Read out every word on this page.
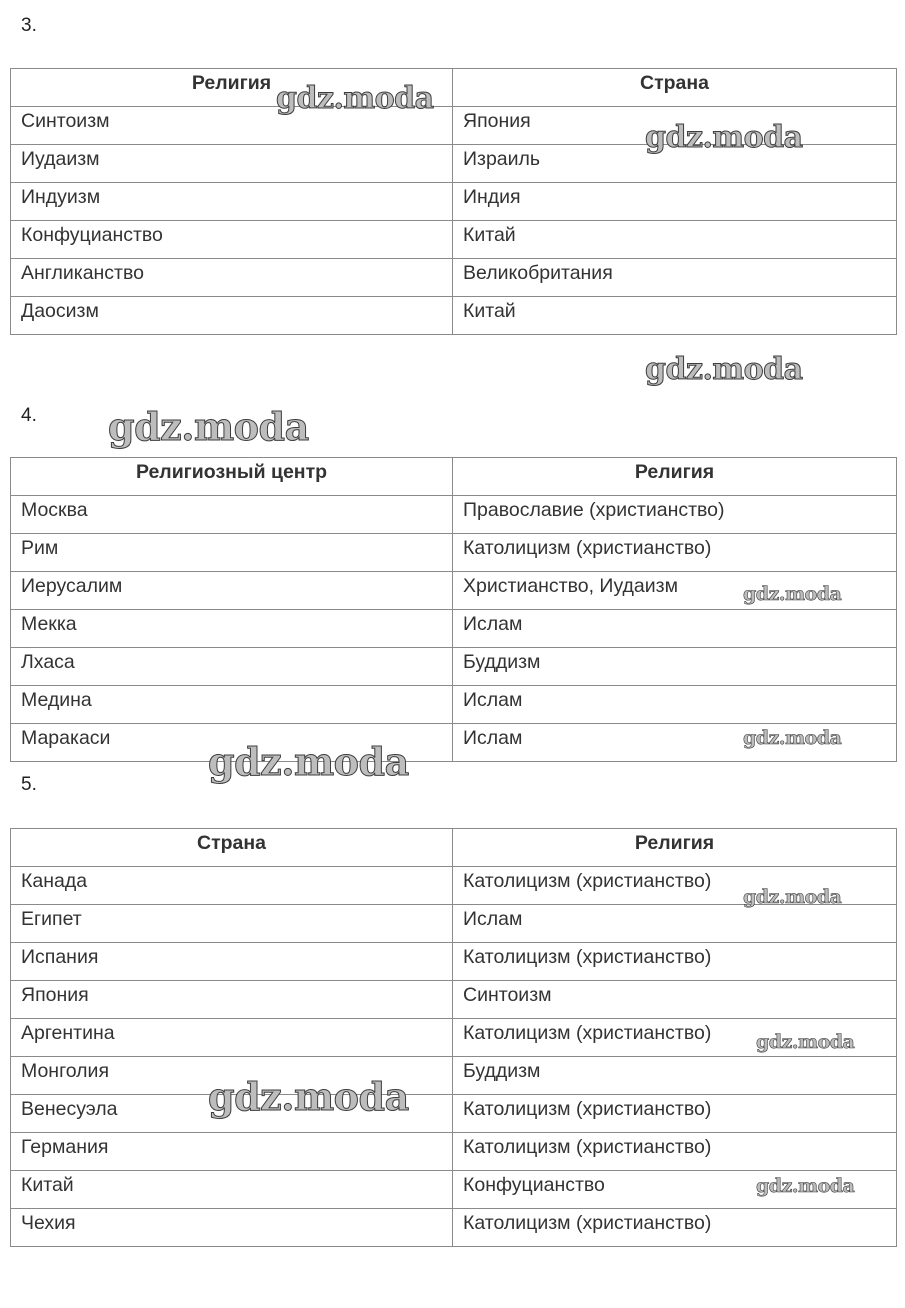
3.
Религия	Страна
Синтоизм	Япония
Иудаизм	Израиль
Индуизм	Индия
Конфуцианство	Китай
Англиканство	Великобритания
Даосизм	Китай
4.
Религиозный центр	Религия
Москва	Православие (христианство)
Рим	Католицизм (христианство)
Иерусалим	Христианство, Иудаизм
Мекка	Ислам
Лхаса	Буддизм
Медина	Ислам
Маракаси	Ислам
5.
Страна	Религия
Канада	Католицизм (христианство)
Египет	Ислам
Испания	Католицизм (христианство)
Япония	Синтоизм
Аргентина	Католицизм (христианство)
Монголия	Буддизм
Венесуэла	Католицизм (христианство)
Германия	Католицизм (христианство)
Китай	Конфуцианство
Чехия	Католицизм (христианство)
gdz.moda
gdz.moda
gdz.moda
gdz.moda
gdz.moda
gdz.moda
gdz.moda
gdz.moda
gdz.moda
gdz.moda
gdz.moda
